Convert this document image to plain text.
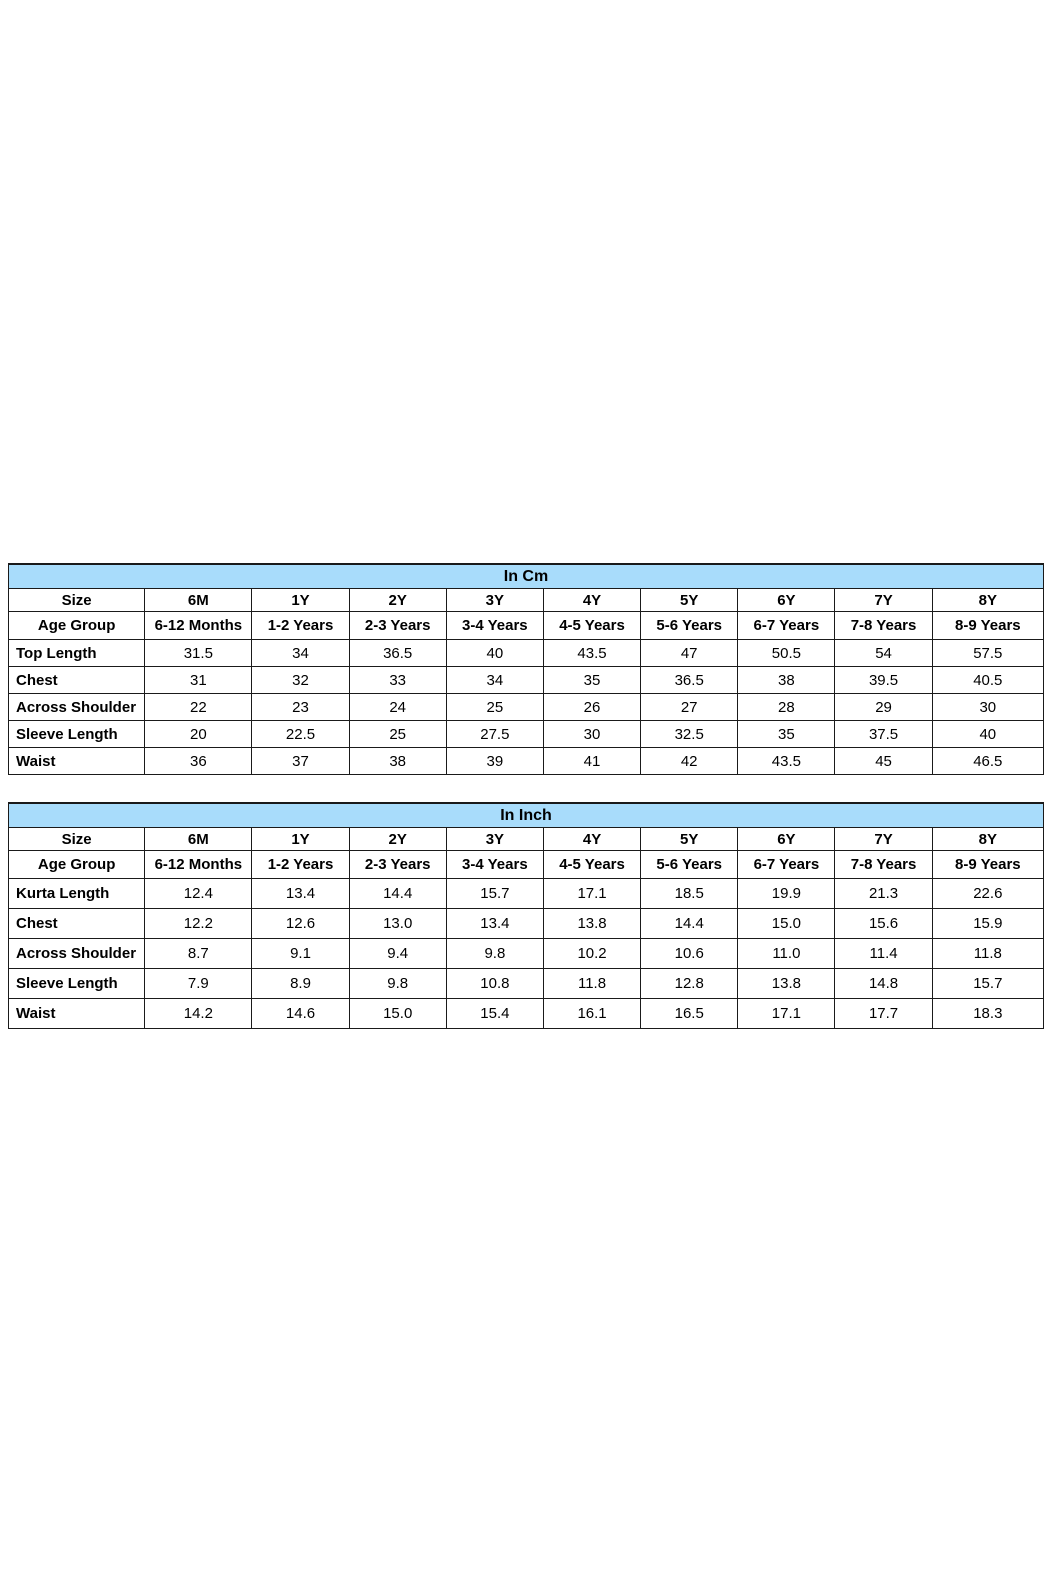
In Cm									
Size	6M	1Y	2Y	3Y	4Y	5Y	6Y	7Y	8Y
Age Group	6-12 Months	1-2 Years	2-3 Years	3-4 Years	4-5 Years	5-6 Years	6-7 Years	7-8 Years	8-9 Years
Top Length	31.5	34	36.5	40	43.5	47	50.5	54	57.5
Chest	31	32	33	34	35	36.5	38	39.5	40.5
Across Shoulder	22	23	24	25	26	27	28	29	30
Sleeve Length	20	22.5	25	27.5	30	32.5	35	37.5	40
Waist	36	37	38	39	41	42	43.5	45	46.5
In Inch									
Size	6M	1Y	2Y	3Y	4Y	5Y	6Y	7Y	8Y
Age Group	6-12 Months	1-2 Years	2-3 Years	3-4 Years	4-5 Years	5-6 Years	6-7 Years	7-8 Years	8-9 Years
Kurta Length	12.4	13.4	14.4	15.7	17.1	18.5	19.9	21.3	22.6
Chest	12.2	12.6	13.0	13.4	13.8	14.4	15.0	15.6	15.9
Across Shoulder	8.7	9.1	9.4	9.8	10.2	10.6	11.0	11.4	11.8
Sleeve Length	7.9	8.9	9.8	10.8	11.8	12.8	13.8	14.8	15.7
Waist	14.2	14.6	15.0	15.4	16.1	16.5	17.1	17.7	18.3
